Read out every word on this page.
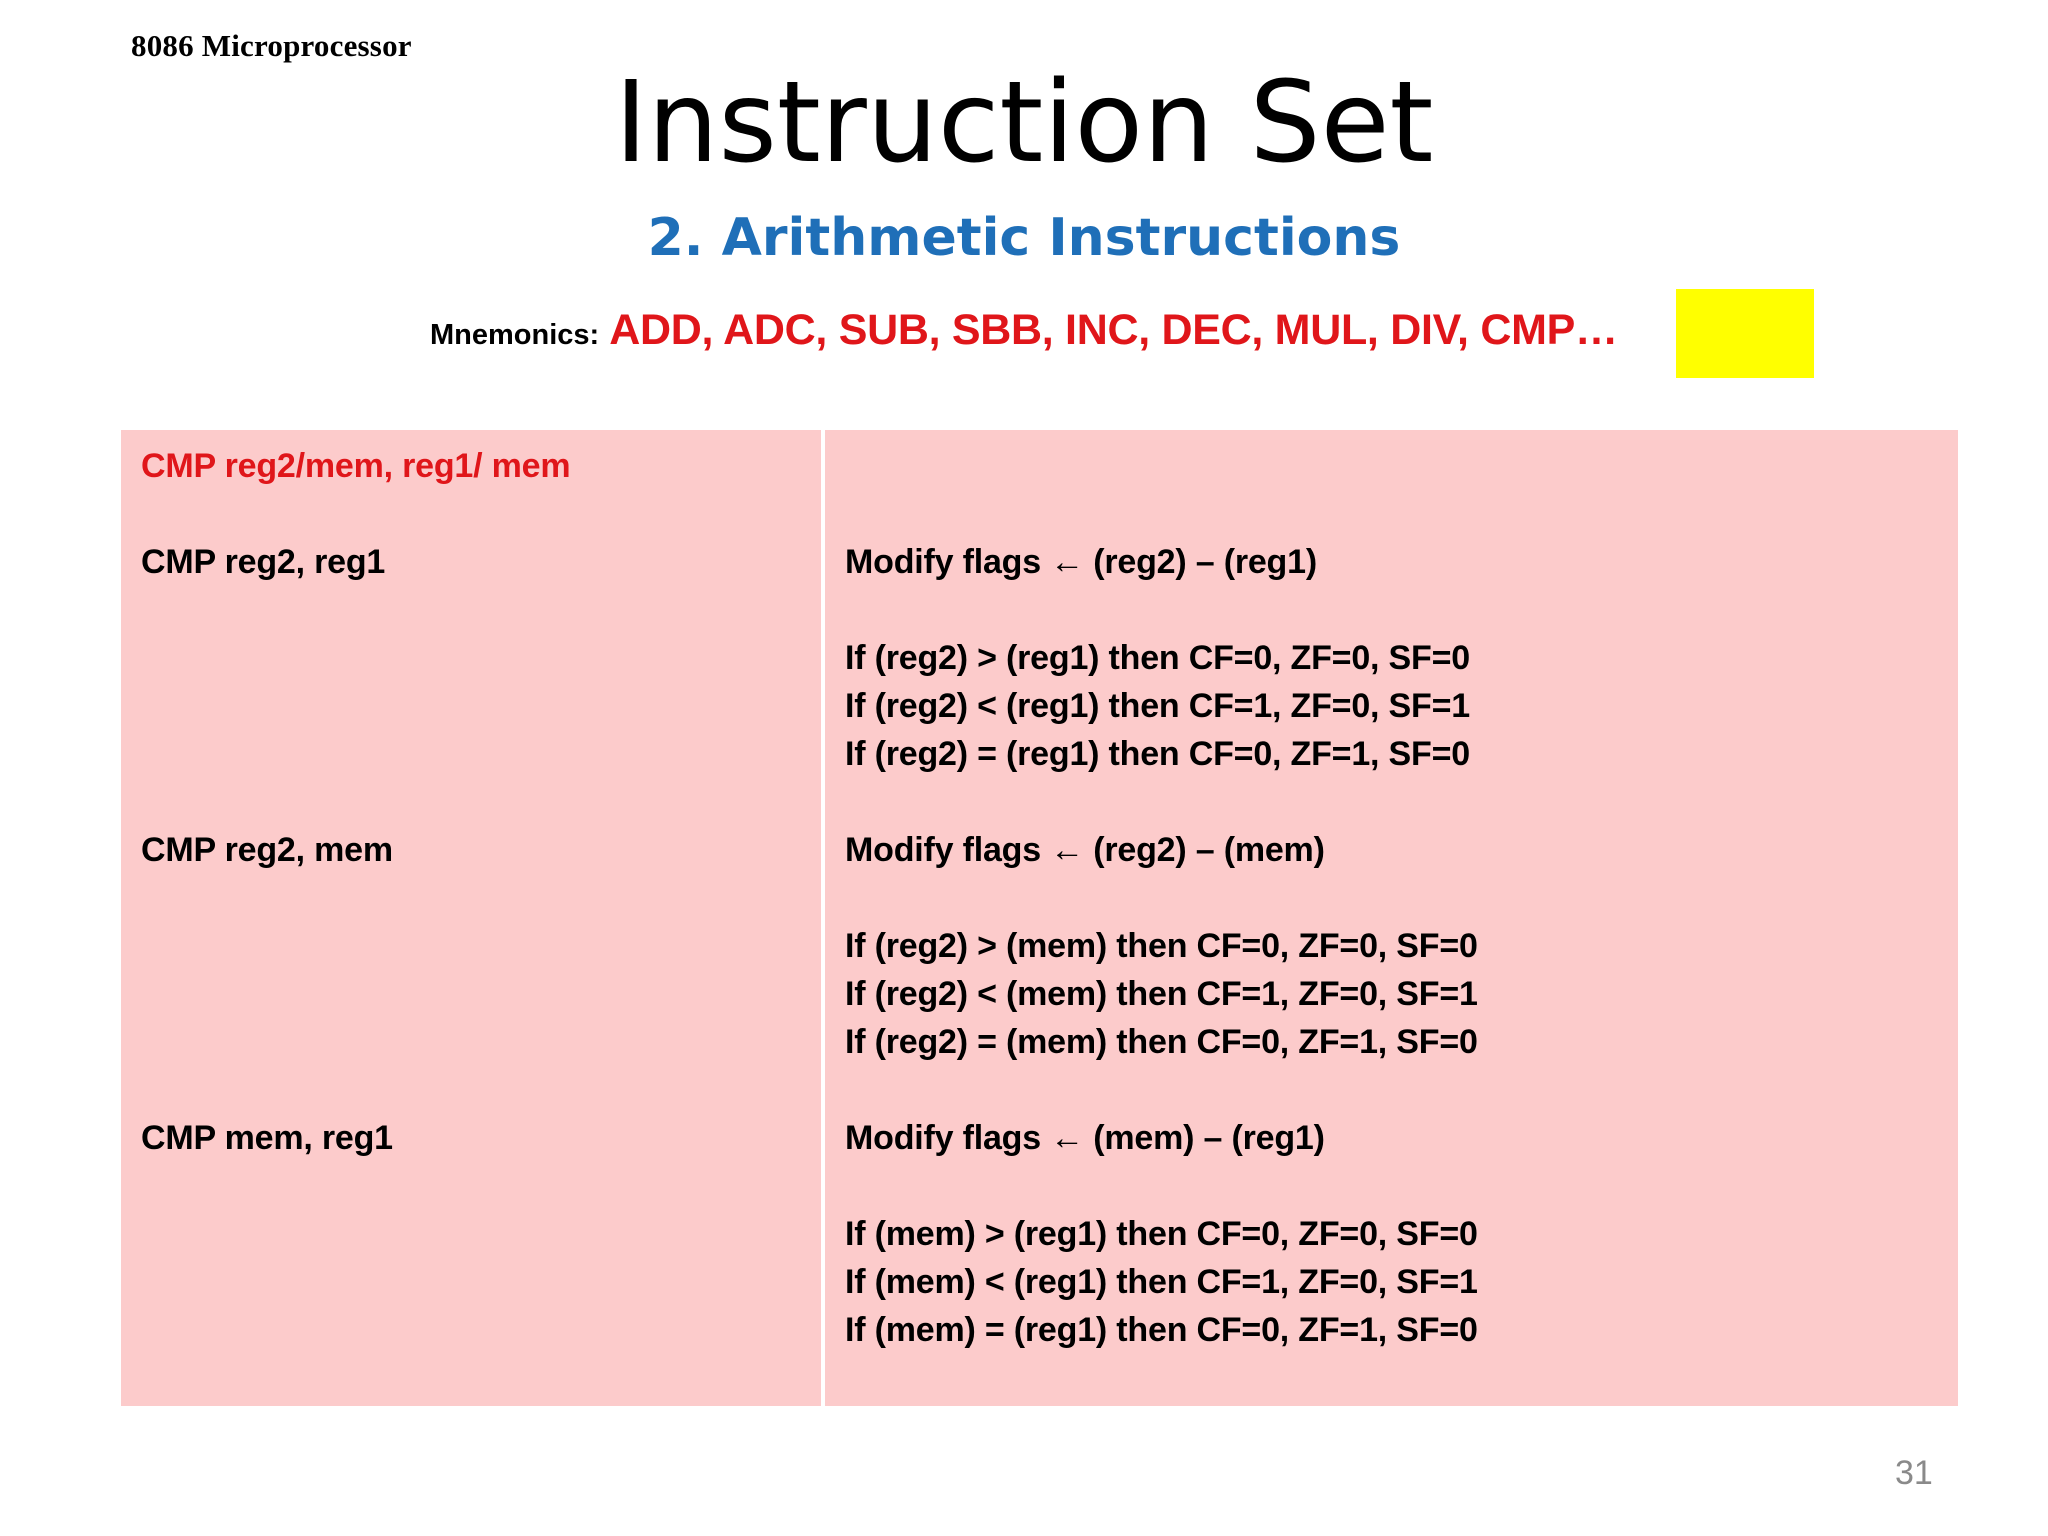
8086 Microprocessor
Instruction Set
2. Arithmetic Instructions
Mnemonics: ADD, ADC, SUB, SBB, INC, DEC, MUL, DIV, CMP…
CMP reg2/mem, reg1/ mem
CMP reg2, reg1
CMP reg2, mem
CMP mem, reg1
Modify flags ← (reg2) – (reg1)
If (reg2) > (reg1) then CF=0, ZF=0, SF=0
If (reg2) < (reg1) then CF=1, ZF=0, SF=1
If (reg2) = (reg1) then CF=0, ZF=1, SF=0
Modify flags ← (reg2) – (mem)
If (reg2) > (mem) then CF=0, ZF=0, SF=0
If (reg2) < (mem) then CF=1, ZF=0, SF=1
If (reg2) = (mem) then CF=0, ZF=1, SF=0
Modify flags ← (mem) – (reg1)
If (mem) > (reg1) then CF=0, ZF=0, SF=0
If (mem) < (reg1) then CF=1, ZF=0, SF=1
If (mem) = (reg1) then CF=0, ZF=1, SF=0
31
